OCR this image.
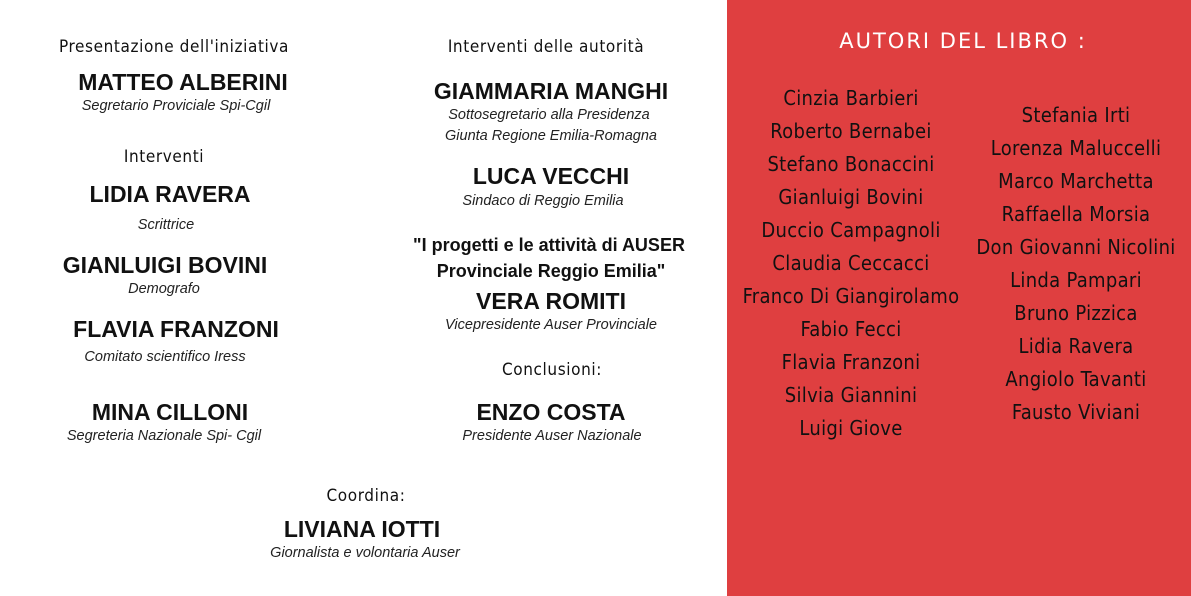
Presentazione dell'iniziativa
MATTEO ALBERINI
Segretario Proviciale Spi-Cgil
Interventi
LIDIA RAVERA
Scrittrice
GIANLUIGI BOVINI
Demografo
FLAVIA FRANZONI
Comitato scientifico Iress
MINA CILLONI
Segreteria Nazionale Spi- Cgil
Interventi delle autorità
GIAMMARIA MANGHI
Sottosegretario alla Presidenza
Giunta Regione Emilia-Romagna
LUCA VECCHI
Sindaco di Reggio Emilia
"I progetti e le attività di AUSER
Provinciale Reggio Emilia"
VERA ROMITI
Vicepresidente Auser Provinciale
Conclusioni:
ENZO COSTA
Presidente Auser Nazionale
Coordina:
LIVIANA IOTTI
Giornalista e volontaria Auser
AUTORI DEL LIBRO :
Cinzia Barbieri
Roberto Bernabei
Stefano Bonaccini
Gianluigi Bovini
Duccio Campagnoli
Claudia Ceccacci
Franco Di Giangirolamo
Fabio Fecci
Flavia Franzoni
Silvia Giannini
Luigi Giove
Stefania Irti
Lorenza Maluccelli
Marco Marchetta
Raffaella Morsia
Don Giovanni Nicolini
Linda Pampari
Bruno Pizzica
Lidia Ravera
Angiolo Tavanti
Fausto Viviani
